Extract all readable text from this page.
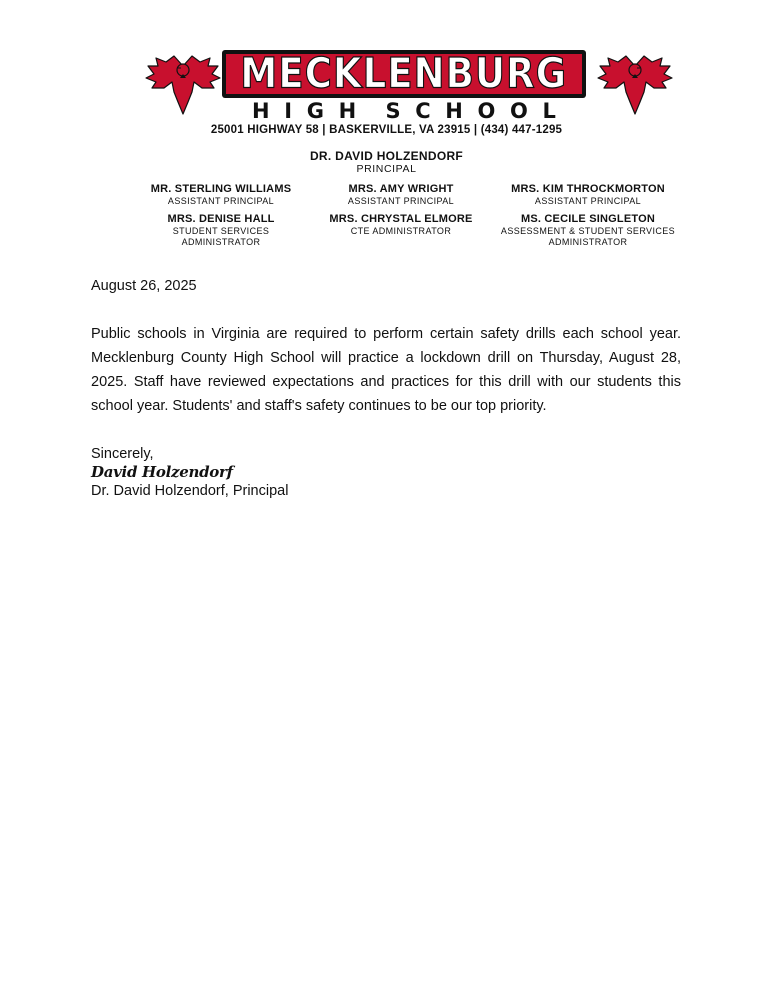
MECKLENBURG
H I G H S C H O O L
25001 HIGHWAY 58 | BASKERVILLE, VA 23915 | (434) 447-1295
DR. DAVID HOLZENDORF
PRINCIPAL
MR. STERLING WILLIAMS
ASSISTANT PRINCIPAL
MRS. AMY WRIGHT
ASSISTANT PRINCIPAL
MRS. KIM THROCKMORTON
ASSISTANT PRINCIPAL
MRS. DENISE HALL
STUDENT SERVICES
ADMINISTRATOR
MRS. CHRYSTAL ELMORE
CTE ADMINISTRATOR
MS. CECILE SINGLETON
ASSESSMENT & STUDENT SERVICES
ADMINISTRATOR
August 26, 2025
Public schools in Virginia are required to perform certain safety drills each school year. Mecklenburg County High School will practice a lockdown drill on Thursday, August 28, 2025. Staff have reviewed expectations and practices for this drill with our students this school year. Students' and staff's safety continues to be our top priority.
Sincerely,
David Holzendorf
Dr. David Holzendorf, Principal
